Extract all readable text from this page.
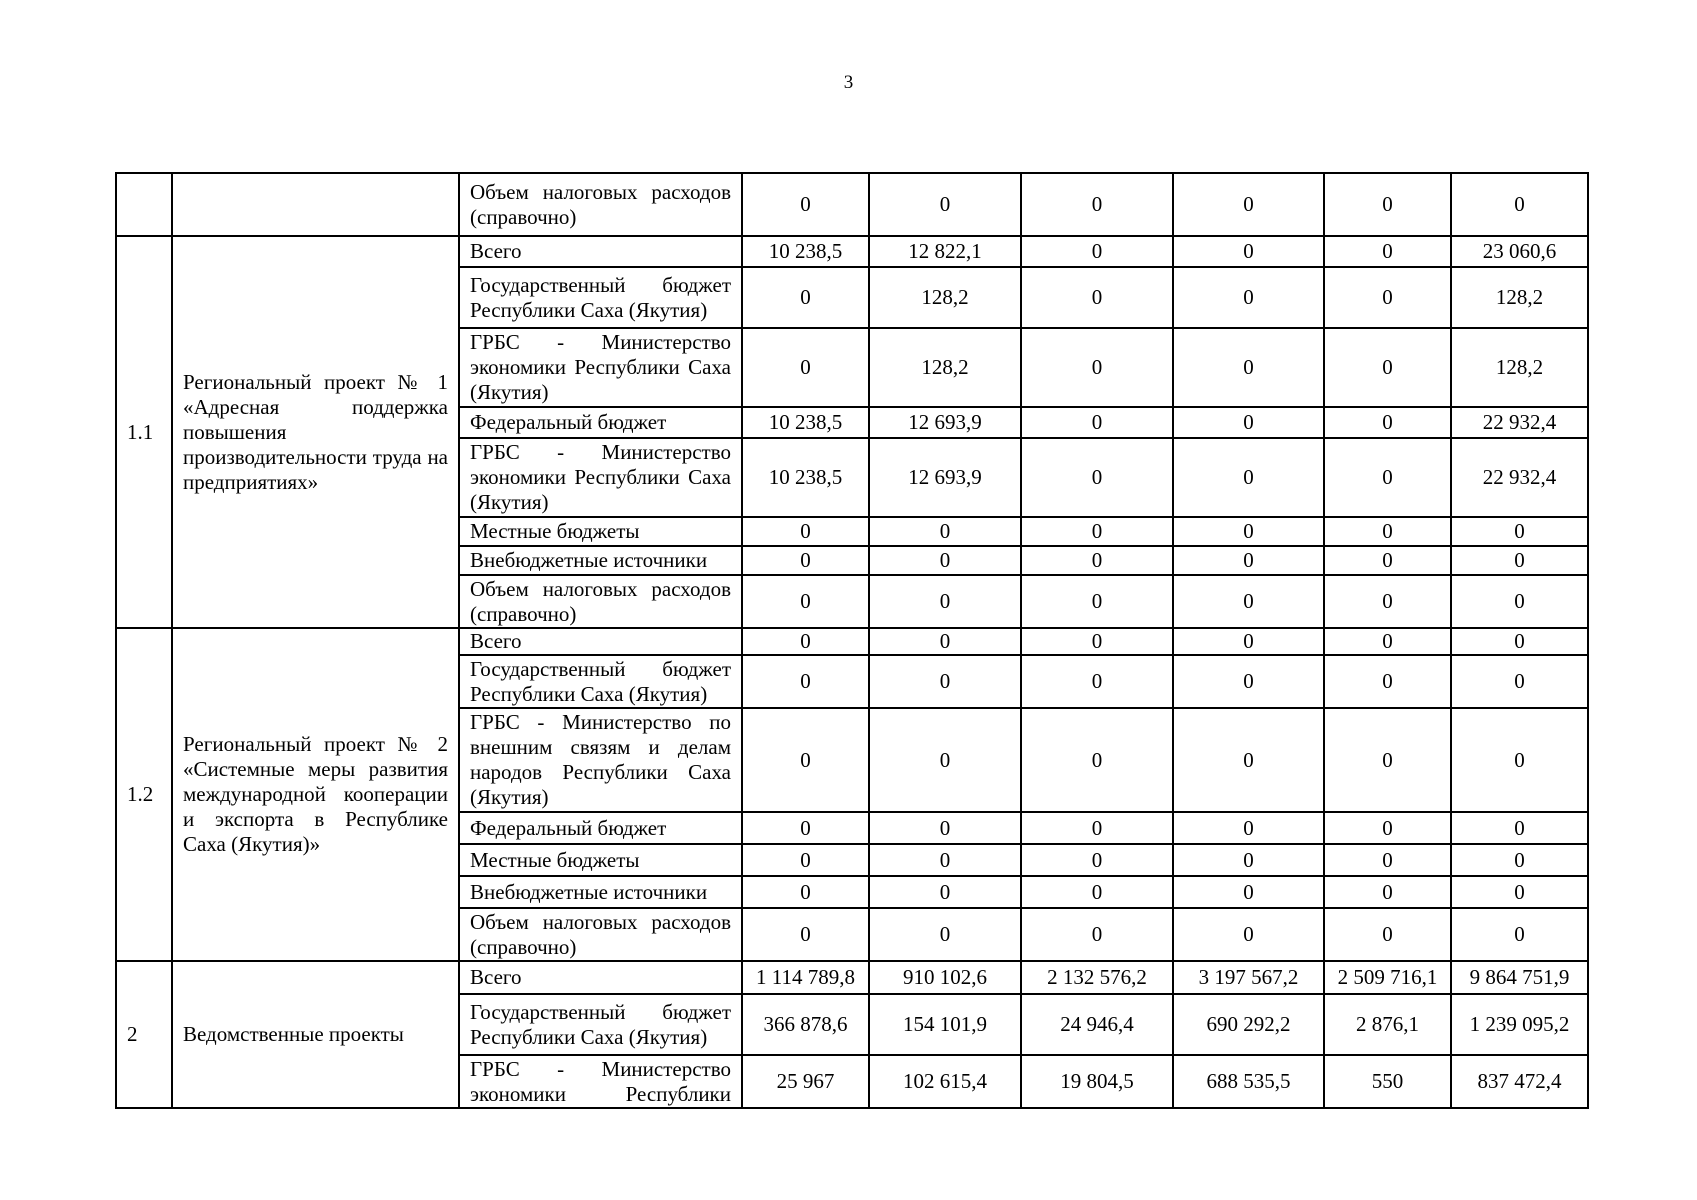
3
		Объем налоговых расходов (справочно)	0	0	0	0	0	0
1.1	Региональный проект № 1 «Адресная поддержка повышения производительности труда на предприятиях»	Всего	10 238,5	12 822,1	0	0	0	23 060,6
		Государственный бюджет Республики Саха (Якутия)	0	128,2	0	0	0	128,2
		ГРБС - Министерство экономики Республики Саха (Якутия)	0	128,2	0	0	0	128,2
		Федеральный бюджет	10 238,5	12 693,9	0	0	0	22 932,4
		ГРБС - Министерство экономики Республики Саха (Якутия)	10 238,5	12 693,9	0	0	0	22 932,4
		Местные бюджеты	0	0	0	0	0	0
		Внебюджетные источники	0	0	0	0	0	0
		Объем налоговых расходов (справочно)	0	0	0	0	0	0
1.2	Региональный проект № 2 «Системные меры развития международной кооперации и экспорта в Республике Саха (Якутия)»	Всего	0	0	0	0	0	0
		Государственный бюджет Республики Саха (Якутия)	0	0	0	0	0	0
		ГРБС - Министерство по внешним связям и делам народов Республики Саха (Якутия)	0	0	0	0	0	0
		Федеральный бюджет	0	0	0	0	0	0
		Местные бюджеты	0	0	0	0	0	0
		Внебюджетные источники	0	0	0	0	0	0
		Объем налоговых расходов (справочно)	0	0	0	0	0	0
2	Ведомственные проекты	Всего	1 114 789,8	910 102,6	2 132 576,2	3 197 567,2	2 509 716,1	9 864 751,9
		Государственный бюджет Республики Саха (Якутия)	366 878,6	154 101,9	24 946,4	690 292,2	2 876,1	1 239 095,2
		ГРБС - Министерство экономики Республики	25 967	102 615,4	19 804,5	688 535,5	550	837 472,4
